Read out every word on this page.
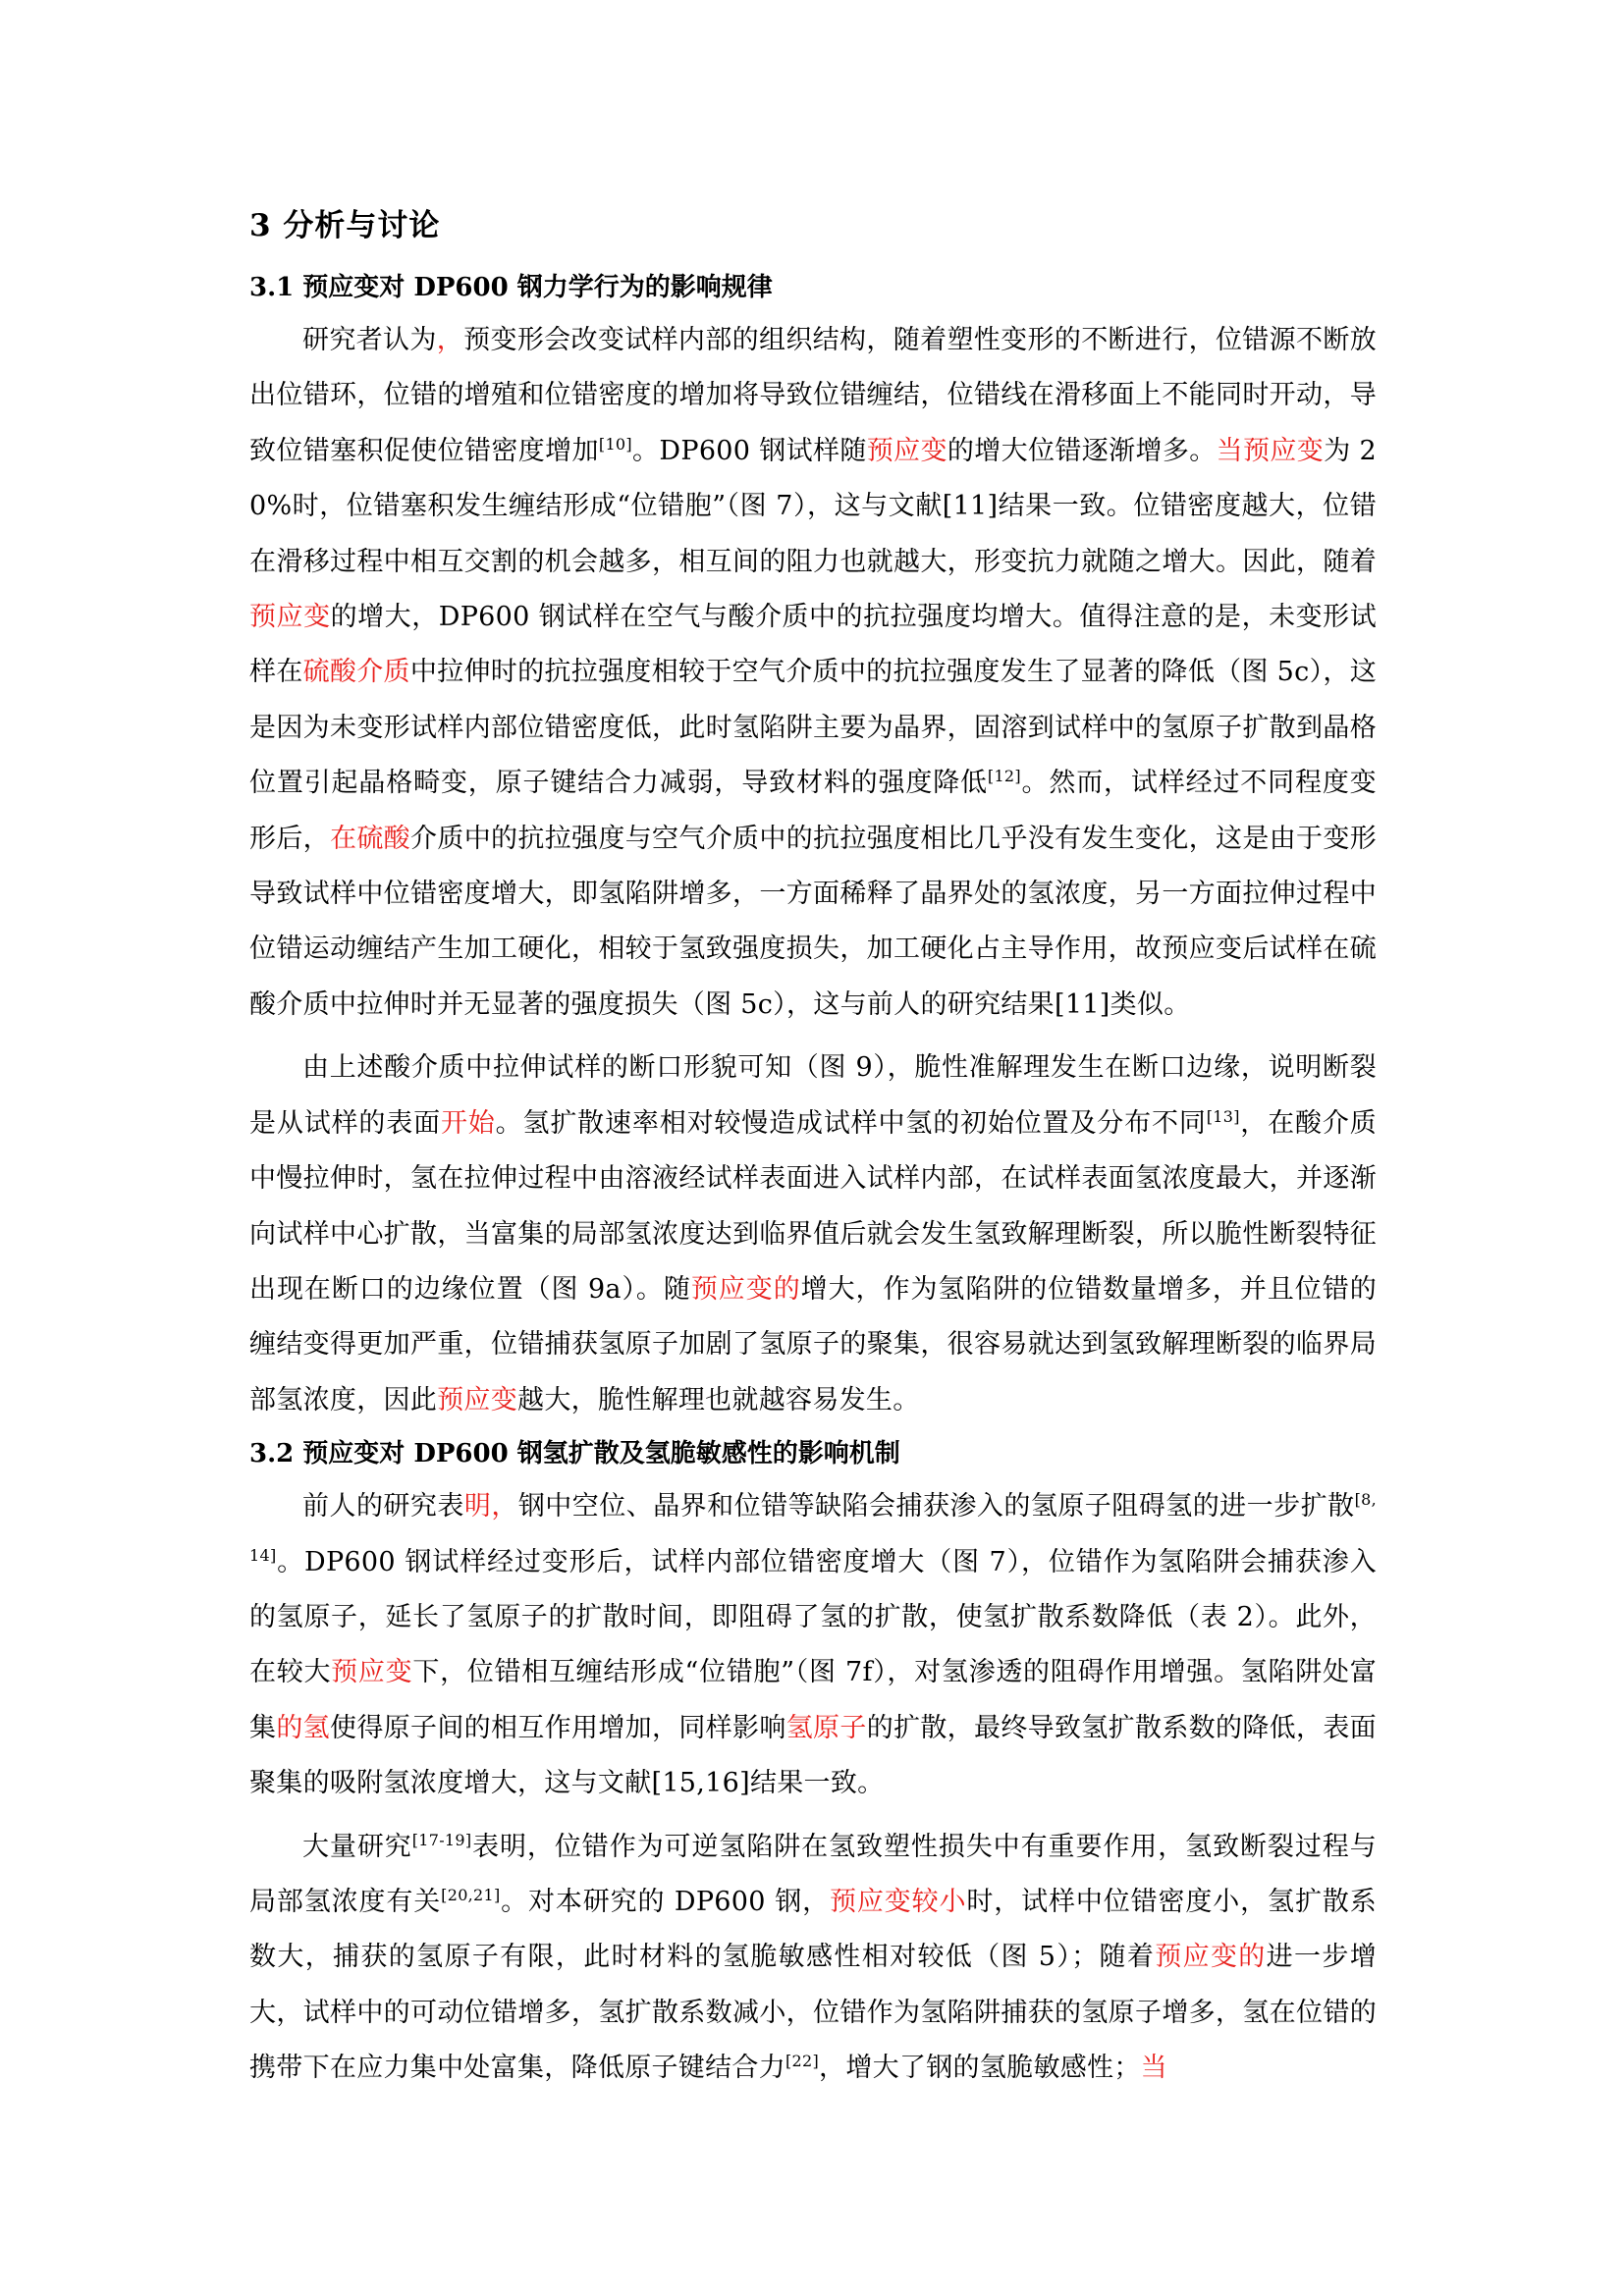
3 分析与讨论
3.1 预应变对 DP600 钢力学行为的影响规律

研究者认为，预变形会改变试样内部的组织结构，随着塑性变形的不断进行，位错源不断放出位错环，位错的增殖和位错密度的增加将导致位错缠结，位错线在滑移面上不能同时开动，导致位错塞积促使位错密度增加[10]。DP600 钢试样随预应变的增大位错逐渐增多。当预应变为 20%时，位错塞积发生缠结形成“位错胞”（图 7），这与文献[11]结果一致。位错密度越大，位错在滑移过程中相互交割的机会越多，相互间的阻力也就越大，形变抗力就随之增大。因此，随着预应变的增大，DP600 钢试样在空气与酸介质中的抗拉强度均增大。值得注意的是，未变形试样在硫酸介质中拉伸时的抗拉强度相较于空气介质中的抗拉强度发生了显著的降低（图 5c），这是因为未变形试样内部位错密度低，此时氢陷阱主要为晶界，固溶到试样中的氢原子扩散到晶格位置引起晶格畸变，原子键结合力减弱，导致材料的强度降低[12]。然而，试样经过不同程度变形后，在硫酸介质中的抗拉强度与空气介质中的抗拉强度相比几乎没有发生变化，这是由于变形导致试样中位错密度增大，即氢陷阱增多，一方面稀释了晶界处的氢浓度，另一方面拉伸过程中位错运动缠结产生加工硬化，相较于氢致强度损失，加工硬化占主导作用，故预应变后试样在硫酸介质中拉伸时并无显著的强度损失（图 5c），这与前人的研究结果[11]类似。

由上述酸介质中拉伸试样的断口形貌可知（图 9），脆性准解理发生在断口边缘，说明断裂是从试样的表面开始。氢扩散速率相对较慢造成试样中氢的初始位置及分布不同[13]，在酸介质中慢拉伸时，氢在拉伸过程中由溶液经试样表面进入试样内部，在试样表面氢浓度最大，并逐渐向试样中心扩散，当富集的局部氢浓度达到临界值后就会发生氢致解理断裂，所以脆性断裂特征出现在断口的边缘位置（图 9a）。随预应变的增大，作为氢陷阱的位错数量增多，并且位错的缠结变得更加严重，位错捕获氢原子加剧了氢原子的聚集，很容易就达到氢致解理断裂的临界局部氢浓度，因此预应变越大，脆性解理也就越容易发生。

3.2 预应变对 DP600 钢氢扩散及氢脆敏感性的影响机制

前人的研究表明，钢中空位、晶界和位错等缺陷会捕获渗入的氢原子阻碍氢的进一步扩散[8,14]。DP600 钢试样经过变形后，试样内部位错密度增大（图 7），位错作为氢陷阱会捕获渗入的氢原子，延长了氢原子的扩散时间，即阻碍了氢的扩散，使氢扩散系数降低（表 2）。此外，在较大预应变下，位错相互缠结形成“位错胞”（图 7f），对氢渗透的阻碍作用增强。氢陷阱处富集的氢使得原子间的相互作用增加，同样影响氢原子的扩散，最终导致氢扩散系数的降低，表面聚集的吸附氢浓度增大，这与文献[15,16]结果一致。

大量研究[17-19]表明，位错作为可逆氢陷阱在氢致塑性损失中有重要作用，氢致断裂过程与局部氢浓度有关[20,21]。对本研究的 DP600 钢，预应变较小时，试样中位错密度小，氢扩散系数大，捕获的氢原子有限，此时材料的氢脆敏感性相对较低（图 5）；随着预应变的进一步增大，试样中的可动位错增多，氢扩散系数减小，位错作为氢陷阱捕获的氢原子增多，氢在位错的携带下在应力集中处富集，降低原子键结合力[22]，增大了钢的氢脆敏感性；当
